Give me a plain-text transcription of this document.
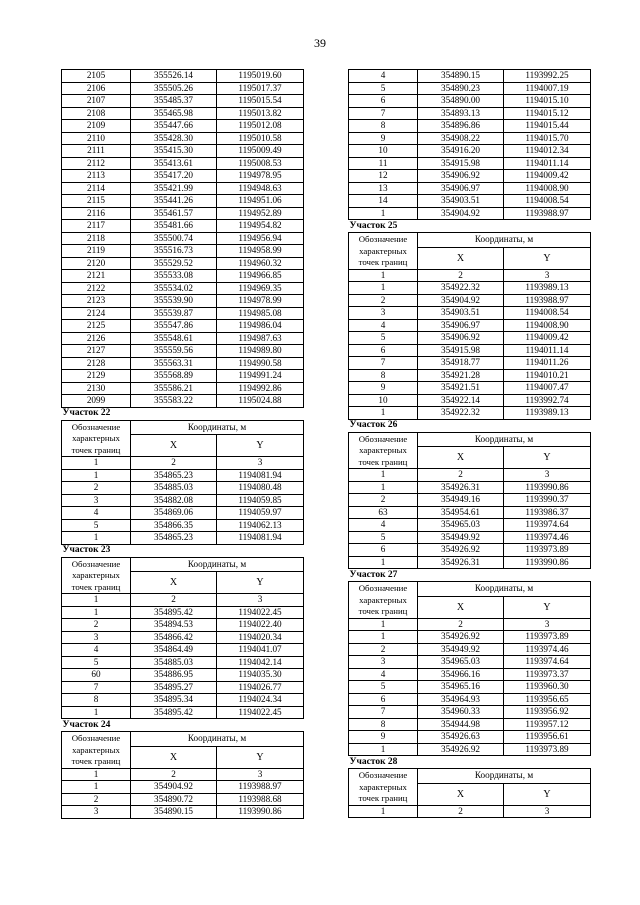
39
2105	355526.14	1195019.60
2106	355505.26	1195017.37
2107	355485.37	1195015.54
2108	355465.98	1195013.82
2109	355447.66	1195012.08
2110	355428.30	1195010.58
2111	355415.30	1195009.49
2112	355413.61	1195008.53
2113	355417.20	1194978.95
2114	355421.99	1194948.63
2115	355441.26	1194951.06
2116	355461.57	1194952.89
2117	355481.66	1194954.82
2118	355500.74	1194956.94
2119	355516.73	1194958.99
2120	355529.52	1194960.32
2121	355533.08	1194966.85
2122	355534.02	1194969.35
2123	355539.90	1194978.99
2124	355539.87	1194985.08
2125	355547.86	1194986.04
2126	355548.61	1194987.63
2127	355559.56	1194989.80
2128	355563.31	1194990.58
2129	355568.89	1194991.24
2130	355586.21	1194992.86
2099	355583.22	1195024.88
Участок 22		
Обозначение характерных точек границ	Координаты, м	
	X	Y
1	2	3
1	354865.23	1194081.94
2	354885.03	1194080.48
3	354882.08	1194059.85
4	354869.06	1194059.97
5	354866.35	1194062.13
1	354865.23	1194081.94
Участок 23		
Обозначение характерных точек границ	Координаты, м	
	X	Y
1	2	3
1	354895.42	1194022.45
2	354894.53	1194022.40
3	354866.42	1194020.34
4	354864.49	1194041.07
5	354885.03	1194042.14
60	354886.95	1194035.30
7	354895.27	1194026.77
8	354895.34	1194024.34
1	354895.42	1194022.45
Участок 24		
Обозначение характерных точек границ	Координаты, м	
	X	Y
1	2	3
1	354904.92	1193988.97
2	354890.72	1193988.68
3	354890.15	1193990.86
4	354890.15	1193992.25
5	354890.23	1194007.19
6	354890.00	1194015.10
7	354893.13	1194015.12
8	354896.86	1194015.44
9	354908.22	1194015.70
10	354916.20	1194012.34
11	354915.98	1194011.14
12	354906.92	1194009.42
13	354906.97	1194008.90
14	354903.51	1194008.54
1	354904.92	1193988.97
Участок 25		
Обозначение характерных точек границ	Координаты, м	
	X	Y
1	2	3
1	354922.32	1193989.13
2	354904.92	1193988.97
3	354903.51	1194008.54
4	354906.97	1194008.90
5	354906.92	1194009.42
6	354915.98	1194011.14
7	354918.77	1194011.26
8	354921.28	1194010.21
9	354921.51	1194007.47
10	354922.14	1193992.74
1	354922.32	1193989.13
Участок 26		
Обозначение характерных точек границ	Координаты, м	
	X	Y
1	2	3
1	354926.31	1193990.86
2	354949.16	1193990.37
63	354954.61	1193986.37
4	354965.03	1193974.64
5	354949.92	1193974.46
6	354926.92	1193973.89
1	354926.31	1193990.86
Участок 27		
Обозначение характерных точек границ	Координаты, м	
	X	Y
1	2	3
1	354926.92	1193973.89
2	354949.92	1193974.46
3	354965.03	1193974.64
4	354966.16	1193973.37
5	354965.16	1193960.30
6	354964.93	1193956.65
7	354960.33	1193956.92
8	354944.98	1193957.12
9	354926.63	1193956.61
1	354926.92	1193973.89
Участок 28		
Обозначение характерных точек границ	Координаты, м	
	X	Y
1	2	3
